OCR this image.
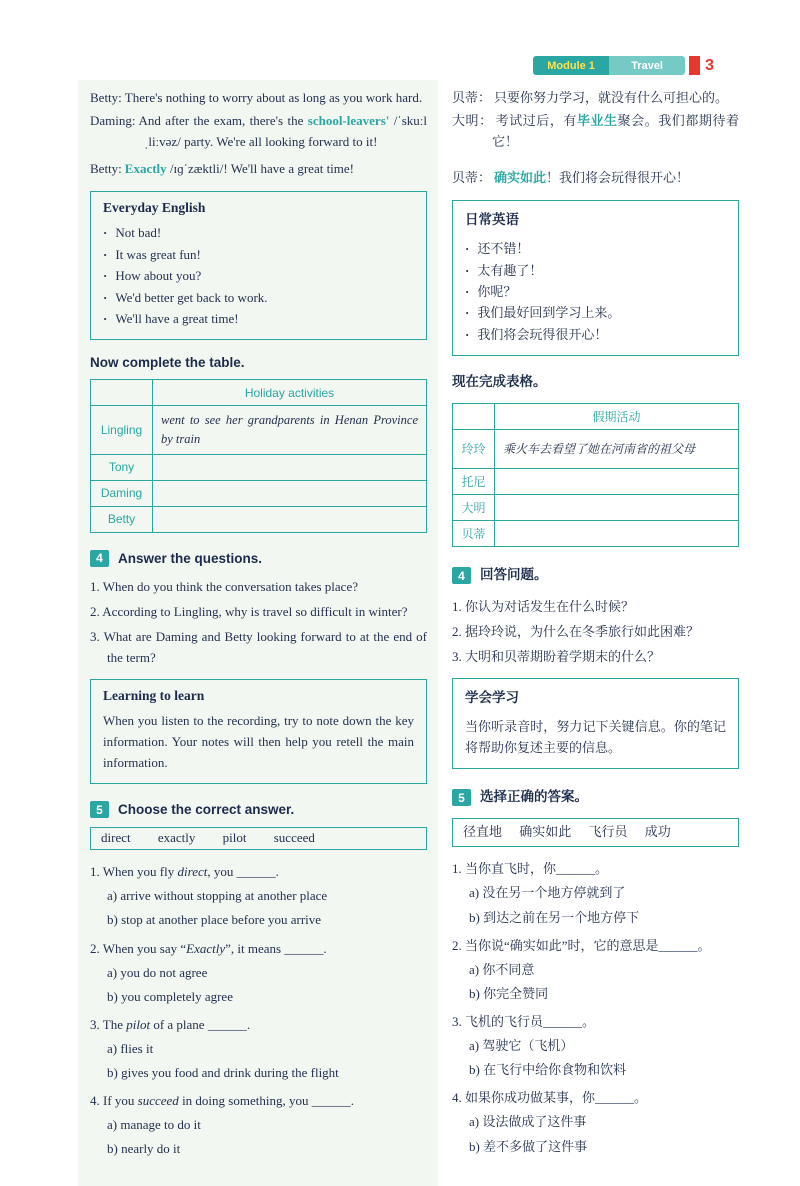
Module 1	Travel	3

Betty: There's nothing to worry about as long as you work hard.

Daming: And after the exam, there's the school-leavers' /ˈskuːlˌliːvəz/ party. We're all looking forward to it!

Betty: Exactly /ɪɡˈzæktli/! We'll have a great time!

Everyday English

· Not bad!

· It was great fun!

· How about you?

· We'd better get back to work.

· We'll have a great time!

Now complete the table.

	Holiday activities
Lingling	went to see her grandparents in Henan Province by train
Tony	
Daming	
Betty	
4	Answer the questions.

1. When do you think the conversation takes place?

2. According to Lingling, why is travel so difficult in winter?

3. What are Daming and Betty looking forward to at the end of the term?

Learning to learn

When you listen to the recording, try to note down the key information. Your notes will then help you retell the main information.

5	Choose the correct answer.
direct exactly pilot succeed

1. When you fly direct, you ______.

a) arrive without stopping at another place

b) stop at another place before you arrive

2. When you say “Exactly”, it means ______.

a) you do not agree

b) you completely agree

3. The pilot of a plane ______.

a) flies it

b) gives you food and drink during the flight

4. If you succeed in doing something, you ______.

a) manage to do it

b) nearly do it

贝蒂： 只要你努力学习，就没有什么可担心的。

大明： 考试过后，有毕业生聚会。我们都期待着它！

贝蒂： 确实如此！我们将会玩得很开心！

日常英语

· 还不错！

· 太有趣了！

· 你呢？

· 我们最好回到学习上来。

· 我们将会玩得很开心！

现在完成表格。

	假期活动
玲玲	乘火车去看望了她在河南省的祖父母
托尼	
大明	
贝蒂	
4	回答问题。

1. 你认为对话发生在什么时候？

2. 据玲玲说，为什么在冬季旅行如此困难？

3. 大明和贝蒂期盼着学期末的什么？

学会学习

当你听录音时，努力记下关键信息。你的笔记将帮助你复述主要的信息。

5	选择正确的答案。
径直地 确实如此 飞行员 成功

1. 当你直飞时，你______。

a) 没在另一个地方停就到了

b) 到达之前在另一个地方停下

2. 当你说“确实如此”时，它的意思是______。

a) 你不同意

b) 你完全赞同

3. 飞机的飞行员______。

a) 驾驶它（飞机）

b) 在飞行中给你食物和饮料

4. 如果你成功做某事，你______。

a) 设法做成了这件事

b) 差不多做了这件事
